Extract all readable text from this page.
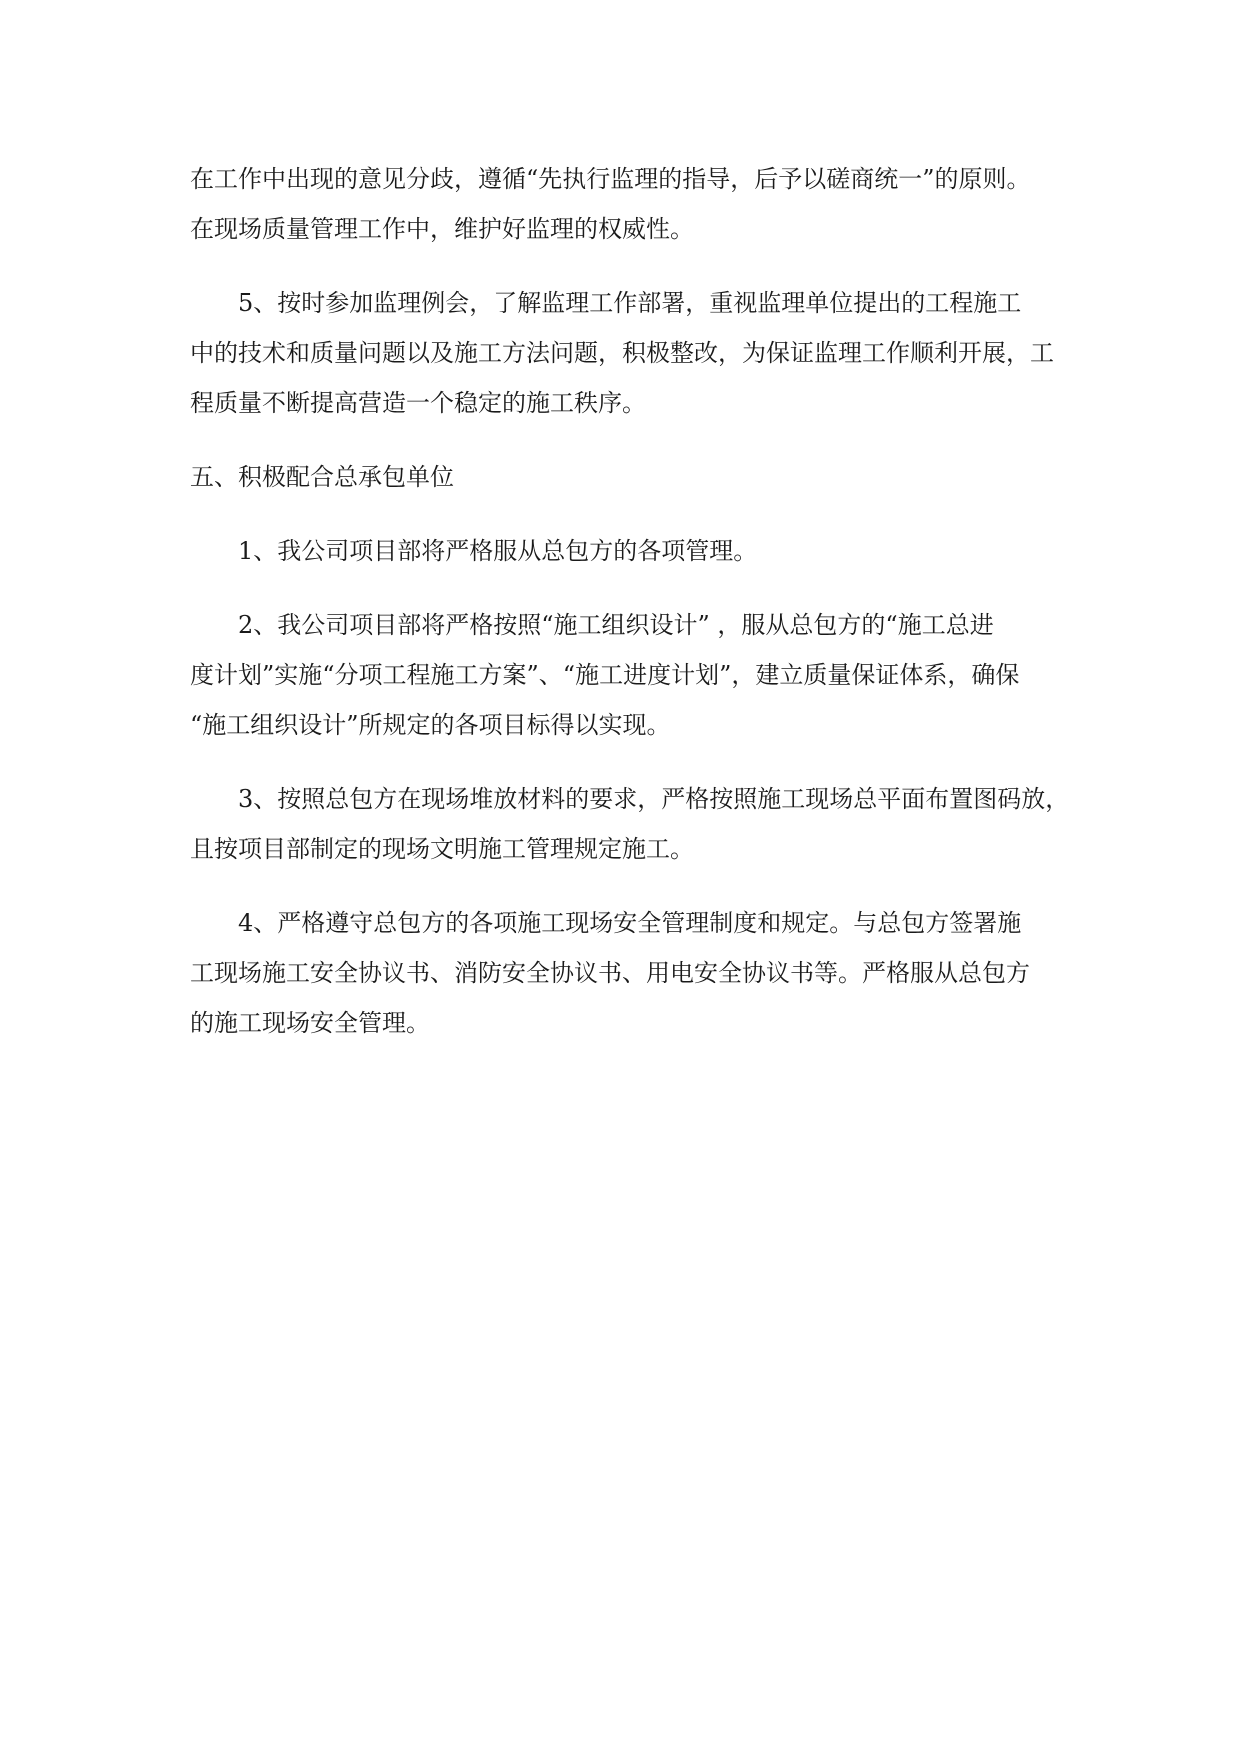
在工作中出现的意见分歧，遵循“先执行监理的指导，后予以磋商统一”的原则。
在现场质量管理工作中，维护好监理的权威性。
5、按时参加监理例会，了解监理工作部署，重视监理单位提出的工程施工
中的技术和质量问题以及施工方法问题，积极整改，为保证监理工作顺利开展，工
程质量不断提高营造一个稳定的施工秩序。
五、积极配合总承包单位
1、我公司项目部将严格服从总包方的各项管理。
2、我公司项目部将严格按照“施工组织设计” ，服从总包方的“施工总进
度计划”实施“分项工程施工方案”、“施工进度计划”，建立质量保证体系，确保
“施工组织设计”所规定的各项目标得以实现。
3、按照总包方在现场堆放材料的要求，严格按照施工现场总平面布置图码放，
且按项目部制定的现场文明施工管理规定施工。
4、严格遵守总包方的各项施工现场安全管理制度和规定。与总包方签署施
工现场施工安全协议书、消防安全协议书、用电安全协议书等。严格服从总包方
的施工现场安全管理。
